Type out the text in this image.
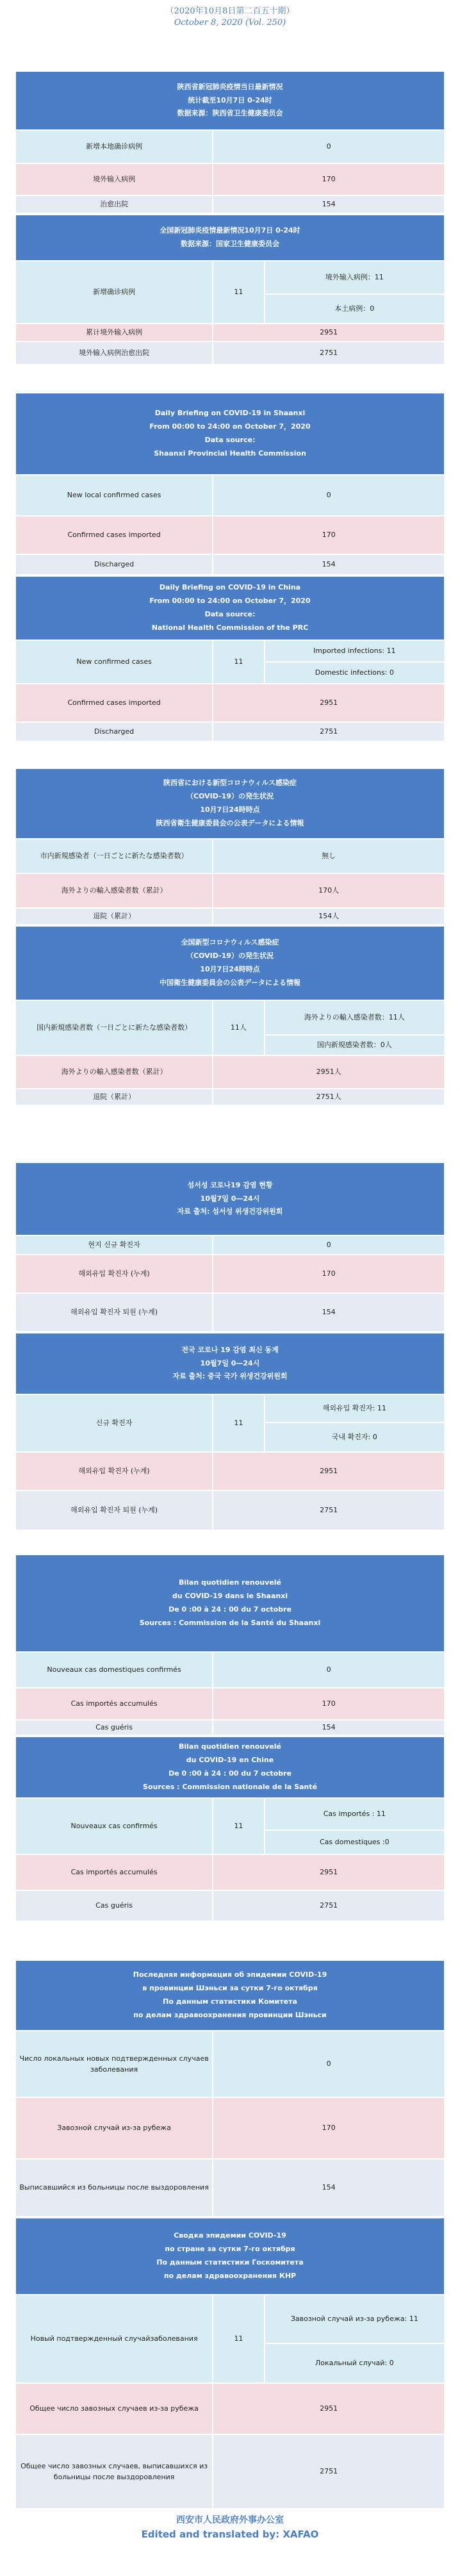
（2020年10月8日第二百五十期）
October 8, 2020 (Vol. 250)
陕西省新冠肺炎疫情当日最新情况
统计截至10月7日 0-24时
数据来源：陕西省卫生健康委员会	

新增本地确诊病例	0
境外输入病例	170
治愈出院	154
全国新冠肺炎疫情最新情况10月7日 0-24时
数据来源：国家卫生健康委员会		

新增确诊病例	11	境外输入病例：11
		本土病例：0
累计境外输入病例	2951	
境外输入病例治愈出院	2751	
Daily Briefing on COVID-19 in Shaanxi
From 00:00 to 24:00 on October 7，2020
Data source:
Shaanxi Provincial Health Commission	

New local confirmed cases	0
Confirmed cases imported	170
Discharged	154
Daily Briefing on COVID-19 in China
From 00:00 to 24:00 on October 7，2020
Data source:
National Health Commission of the PRC		

New confirmed cases	11	Imported infections: 11
		Domestic infections: 0
Confirmed cases imported	2951	
Discharged	2751	
陝西省における新型コロナウィルス感染症
（COVID-19）の発生状況
10月7日24時時点
陝西省衛生健康委員会の公表データによる情報	

市内新規感染者（一日ごとに新たな感染者数）	無し
海外よりの輸入感染者数（累計）	170人
退院（累計）	154人
全国新型コロナウィルス感染症
（COVID-19）の発生状況
10月7日24時時点
中国衛生健康委員会の公表データによる情報		

国内新規感染者数（一日ごとに新たな感染者数）	11人	海外よりの輸入感染者数：11人
		国内新規感染者数：0人
海外よりの輸入感染者数（累計）	2951人	
退院（累計）	2751人	
섬서성 코로나19 감염 현황
10월7일 0—24시
자료 출처: 섬서성 위생건강위원회	

현지 신규 확진자	0
해외유입 확진자 (누계)	170
해외유입 확진자 퇴원 (누계)	154
전국 코로나 19 감염 최신 동계
10월7일 0—24시
자료 출처: 중국 국가 위생건강위원회		

신규 확진자	11	해외유입 확진자: 11
		국내 확진자: 0
해외유입 확진자 (누계)	2951	
해외유입 확진자 퇴원 (누계)	2751	
Bilan quotidien renouvelé
du COVID-19 dans le Shaanxi
De 0 :00 à 24 : 00 du 7 octobre
Sources : Commission de la Santé du Shaanxi	

Nouveaux cas domestiques confirmés	0
Cas importés accumulés	170
Cas guéris	154
Bilan quotidien renouvelé
du COVID-19 en Chine
De 0 :00 à 24 : 00 du 7 octobre
Sources : Commission nationale de la Santé		

Nouveaux cas confirmés	11	Cas importés : 11
		Cas domestiques :0
Cas importés accumulés	2951	
Cas guéris	2751	
Последняя информация об эпидемии COVID-19
в провинции Шэньси за сутки 7-го октября
По данным статистики Комитета
по делам здравоохранения провинции Шэньси	

Число локальных новых подтвержденных случаев заболевания	0
Завозной случай из-за рубежа	170
Выписавшийся из больницы после выздоровления	154
Сводка эпидемии COVID-19
по стране за сутки 7-го октября
По данным статистики Госкомитета
по делам здравоохранения КНР		

Новый подтвержденный случайзаболевания	11	Завозной случай из-за рубежа: 11
		Локальный случай: 0
Общее число завозных случаев из-за рубежа	2951	
Общее число завозных случаев, выписавшихся из больницы после выздоровления	2751	
西安市人民政府外事办公室
Edited and translated by: XAFAO
